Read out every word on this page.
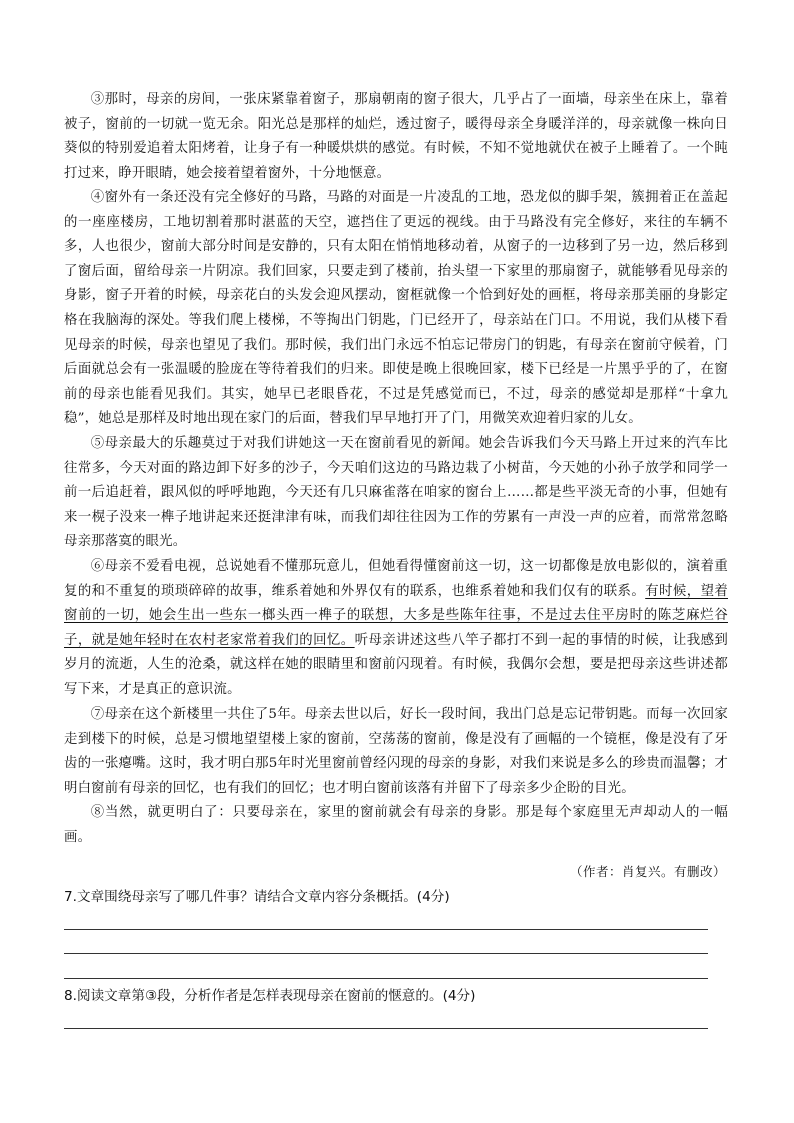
③那时，母亲的房间，一张床紧靠着窗子，那扇朝南的窗子很大，几乎占了一面墙，母亲坐在床上，靠着被子，窗前的一切就一览无余。阳光总是那样的灿烂，透过窗子，暖得母亲全身暖洋洋的，母亲就像一株向日葵似的特别爱追着太阳烤着，让身子有一种暖烘烘的感觉。有时候，不知不觉地就伏在被子上睡着了。一个盹打过来，睁开眼睛，她会接着望着窗外，十分地惬意。

④窗外有一条还没有完全修好的马路，马路的对面是一片凌乱的工地，恐龙似的脚手架，簇拥着正在盖起的一座座楼房，工地切割着那时湛蓝的天空，遮挡住了更远的视线。由于马路没有完全修好，来往的车辆不多，人也很少，窗前大部分时间是安静的，只有太阳在悄悄地移动着，从窗子的一边移到了另一边，然后移到了窗后面，留给母亲一片阴凉。我们回家，只要走到了楼前，抬头望一下家里的那扇窗子，就能够看见母亲的身影，窗子开着的时候，母亲花白的头发会迎风摆动，窗框就像一个恰到好处的画框，将母亲那美丽的身影定格在我脑海的深处。等我们爬上楼梯，不等掏出门钥匙，门已经开了，母亲站在门口。不用说，我们从楼下看见母亲的时候，母亲也望见了我们。那时候，我们出门永远不怕忘记带房门的钥匙，有母亲在窗前守候着，门后面就总会有一张温暖的脸庞在等待着我们的归来。即使是晚上很晚回家，楼下已经是一片黑乎乎的了，在窗前的母亲也能看见我们。其实，她早已老眼昏花，不过是凭感觉而已，不过，母亲的感觉却是那样“十拿九稳”，她总是那样及时地出现在家门的后面，替我们早早地打开了门，用微笑欢迎着归家的儿女。

⑤母亲最大的乐趣莫过于对我们讲她这一天在窗前看见的新闻。她会告诉我们今天马路上开过来的汽车比往常多，今天对面的路边卸下好多的沙子，今天咱们这边的马路边栽了小树苗，今天她的小孙子放学和同学一前一后追赶着，跟风似的呼呼地跑，今天还有几只麻雀落在咱家的窗台上……都是些平淡无奇的小事，但她有来一榥子没来一榫子地讲起来还挺津津有味，而我们却往往因为工作的劳累有一声没一声的应着，而常常忽略母亲那落寞的眼光。

⑥母亲不爱看电视，总说她看不懂那玩意儿，但她看得懂窗前这一切，这一切都像是放电影似的，演着重复的和不重复的琐琐碎碎的故事，维系着她和外界仅有的联系，也维系着她和我们仅有的联系。有时候，望着窗前的一切，她会生出一些东一榔头西一榫子的联想，大多是些陈年往事，不是过去住平房时的陈芝麻烂谷子，就是她年轻时在农村老家常着我们的回忆。听母亲讲述这些八竿子都打不到一起的事情的时候，让我感到岁月的流逝，人生的沧桑，就这样在她的眼睛里和窗前闪现着。有时候，我偶尔会想，要是把母亲这些讲述都写下来，才是真正的意识流。

⑦母亲在这个新楼里一共住了5年。母亲去世以后，好长一段时间，我出门总是忘记带钥匙。而每一次回家走到楼下的时候，总是习惯地望望楼上家的窗前，空荡荡的窗前，像是没有了画幅的一个镜框，像是没有了牙齿的一张瘪嘴。这时，我才明白那5年时光里窗前曾经闪现的母亲的身影，对我们来说是多么的珍贵而温馨；才明白窗前有母亲的回忆，也有我们的回忆；也才明白窗前该落有并留下了母亲多少企盼的目光。

⑧当然，就更明白了：只要母亲在，家里的窗前就会有母亲的身影。那是每个家庭里无声却动人的一幅画。

（作者：肖复兴。有删改）
7.文章围绕母亲写了哪几件事？请结合文章内容分条概括。(4分)
8.阅读文章第③段，分析作者是怎样表现母亲在窗前的惬意的。(4分)
